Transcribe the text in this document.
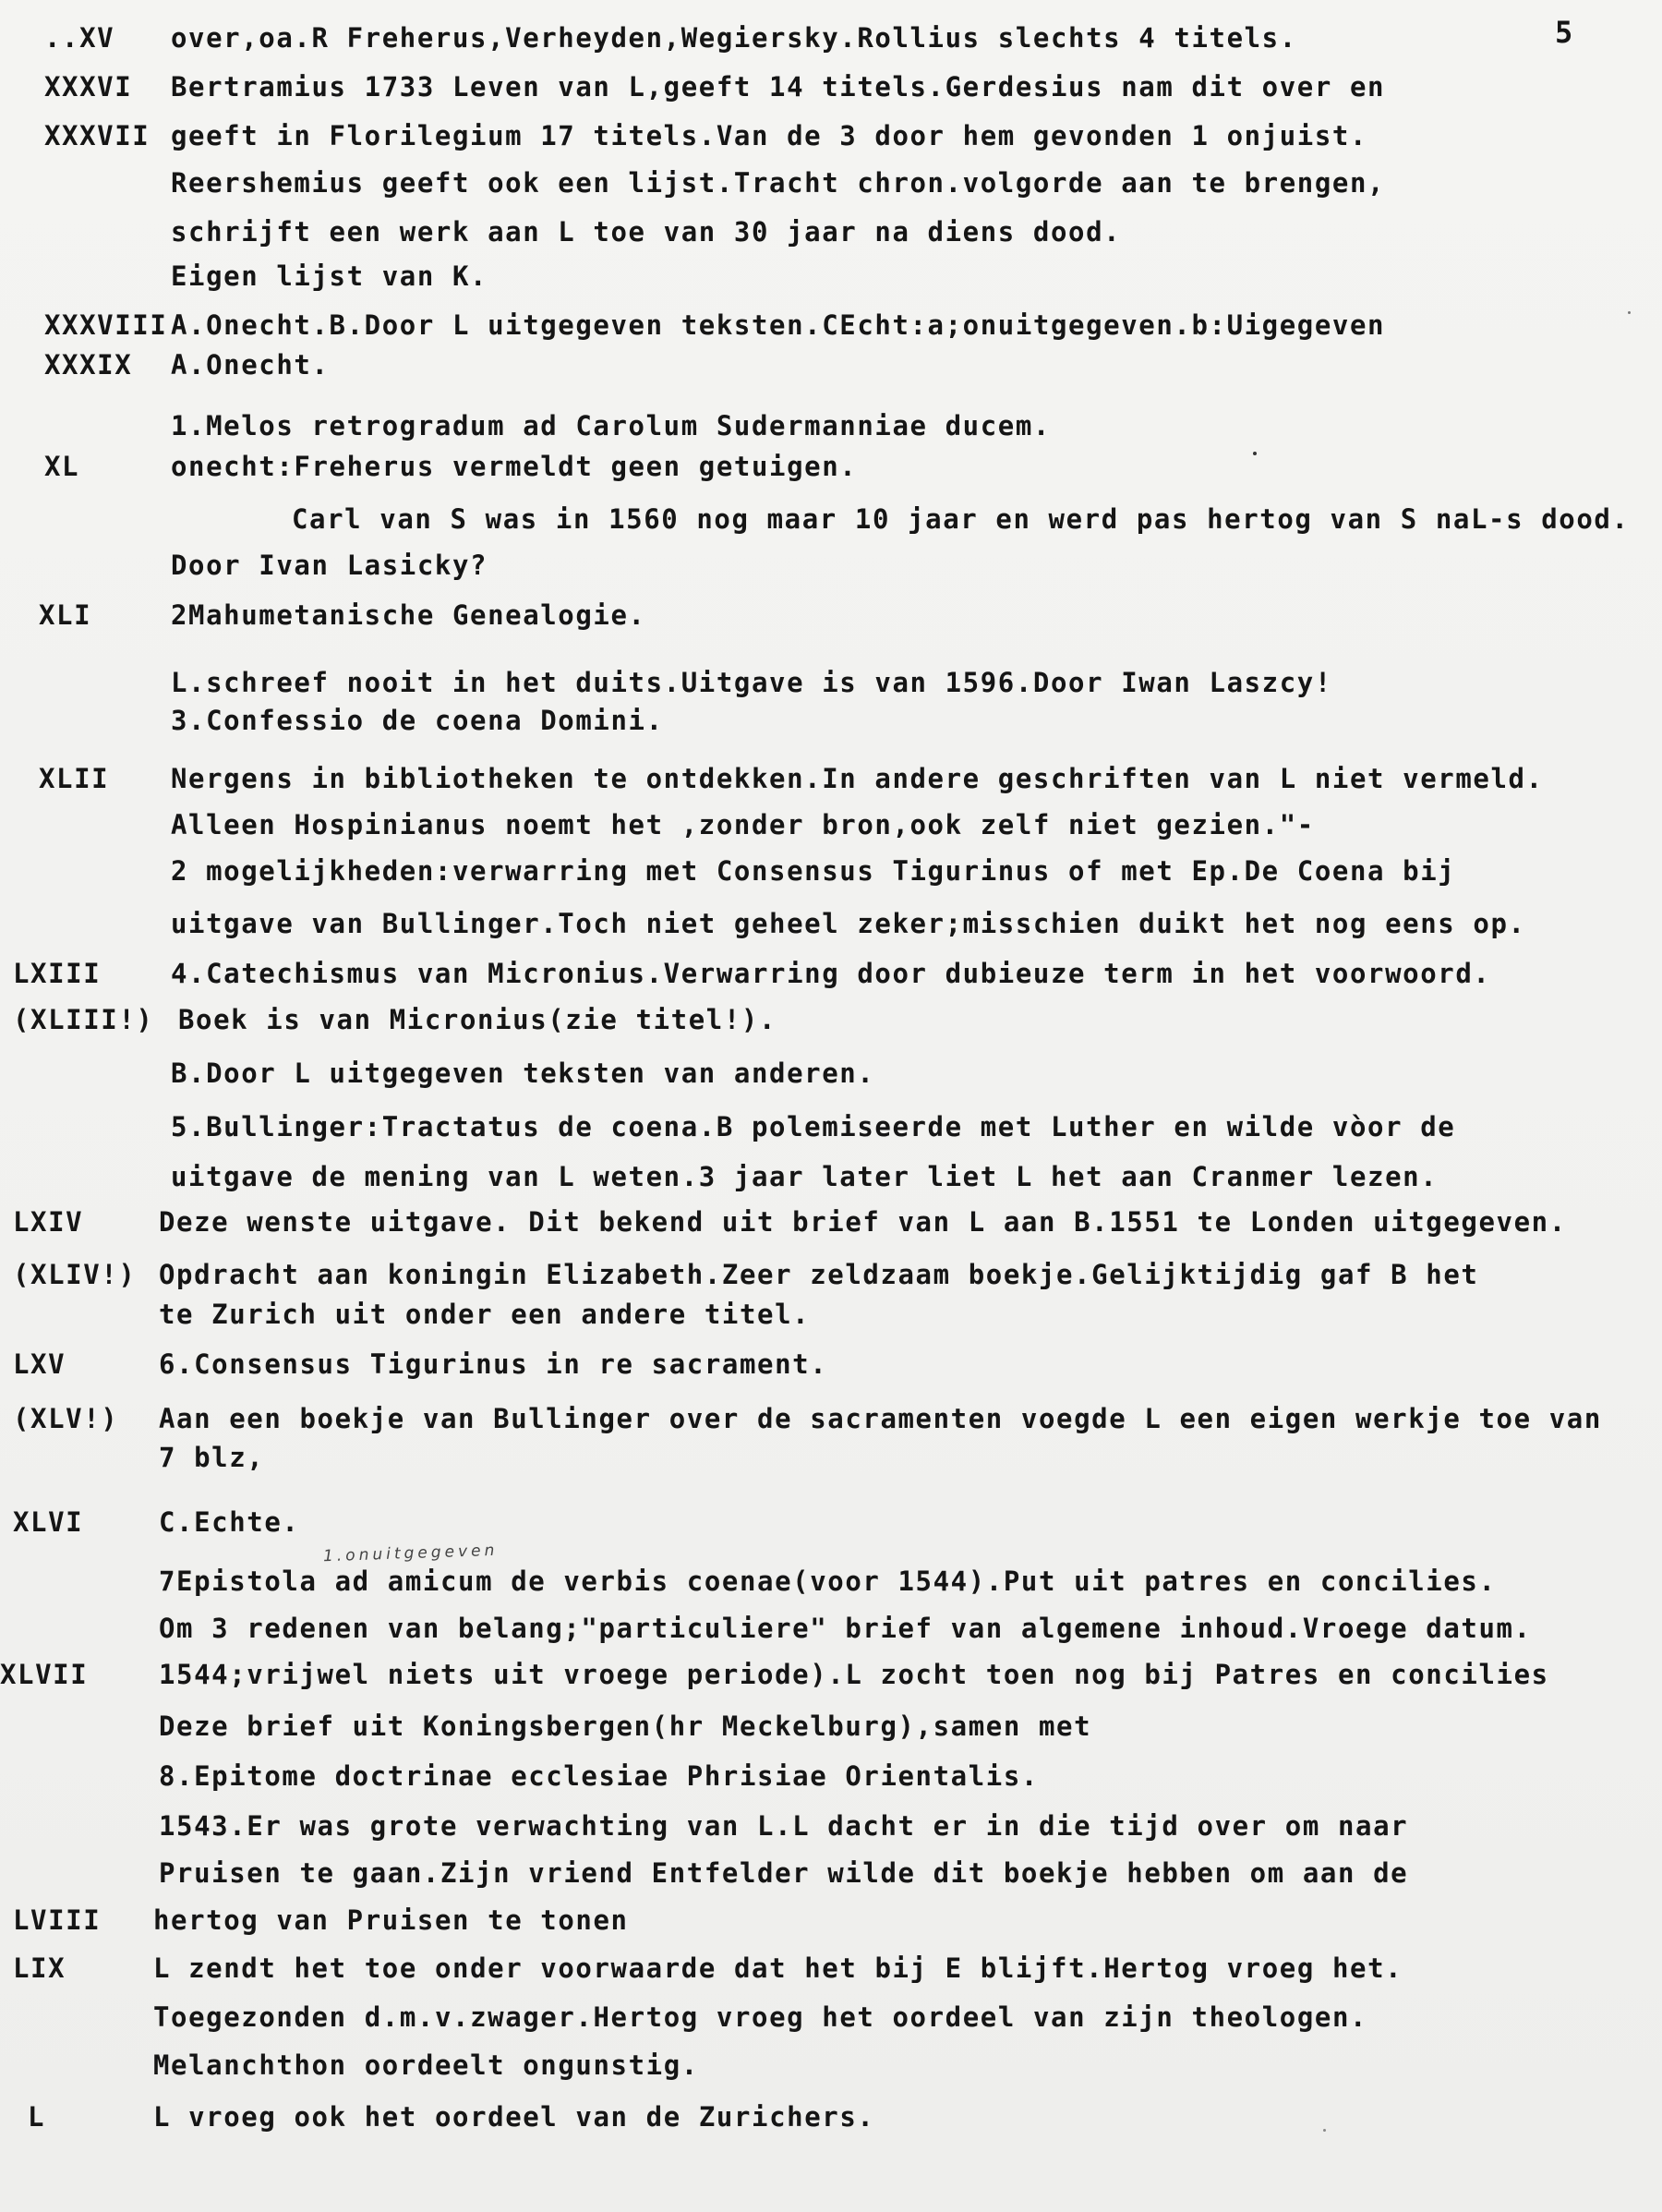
5
..XV over,oa.R Freherus,Verheyden,Wegiersky.Rollius slechts 4 titels.
XXXVI Bertramius 1733 Leven van L,geeft 14 titels.Gerdesius nam dit over en
XXXVII geeft in Florilegium 17 titels.Van de 3 door hem gevonden 1 onjuist.
Reershemius geeft ook een lijst.Tracht chron.volgorde aan te brengen,
schrijft een werk aan L toe van 30 jaar na diens dood.
Eigen lijst van K.
XXXVIII A.Onecht.B.Door L uitgegeven teksten.CEcht:a;onuitgegeven.b:Uigegeven
XXXIX A.Onecht.
1.Melos retrogradum ad Carolum Sudermanniae ducem.
XL	onecht:Freherus vermeldt geen getuigen.
Carl van S was in 1560 nog maar 10 jaar en werd pas hertog van S naL-s dood.
Door Ivan Lasicky?
XLI	2Mahumetanische Genealogie.
L.schreef nooit in het duits.Uitgave is van 1596.Door Iwan Laszcy!
3.Confessio de coena Domini.
XLII Nergens in bibliotheken te ontdekken.In andere geschriften van L niet vermeld.
Alleen Hospinianus noemt het ,zonder bron,ook zelf niet gezien."-
2 mogelijkheden:verwarring met Consensus Tigurinus of met Ep.De Coena bij
uitgave van Bullinger.Toch niet geheel zeker;misschien duikt het nog eens op.
LXIII	4.Catechismus van Micronius.Verwarring door dubieuze term in het voorwoord.
(XLIII!) Boek is van Micronius(zie titel!).
B.Door L uitgegeven teksten van anderen.
5.Bullinger:Tractatus de coena.B polemiseerde met Luther en wilde vòor de
uitgave de mening van L weten.3 jaar later liet L het aan Cranmer lezen.
LXIV	Deze wenste uitgave. Dit bekend uit brief van L aan B.1551 te Londen uitgegeven.
(XLIV!) Opdracht aan koningin Elizabeth.Zeer zeldzaam boekje.Gelijktijdig gaf B het
te Zurich uit onder een andere titel.
LXV	6.Consensus Tigurinus in re sacrament.
(XLV!) Aan een boekje van Bullinger over de sacramenten voegde L een eigen werkje toe van
7 blz,
XLVI	C.Echte.
7Epistola ad amicum de verbis coenae(voor 1544).Put uit patres en concilies.
Om 3 redenen van belang;"particuliere" brief van algemene inhoud.Vroege datum.
XLVII	1544;vrijwel niets uit vroege periode).L zocht toen nog bij Patres en concilies
Deze brief uit Koningsbergen(hr Meckelburg),samen met
8.Epitome doctrinae ecclesiae Phrisiae Orientalis.
1543.Er was grote verwachting van L.L dacht er in die tijd over om naar
Pruisen te gaan.Zijn vriend Entfelder wilde dit boekje hebben om aan de
LVIII hertog van Pruisen te tonen
LIX	L zendt het toe onder voorwaarde dat het bij E blijft.Hertog vroeg het.
Toegezonden d.m.v.zwager.Hertog vroeg het oordeel van zijn theologen.
Melanchthon oordeelt ongunstig.
L	L vroeg ook het oordeel van de Zurichers.
1.onuitgegeven
